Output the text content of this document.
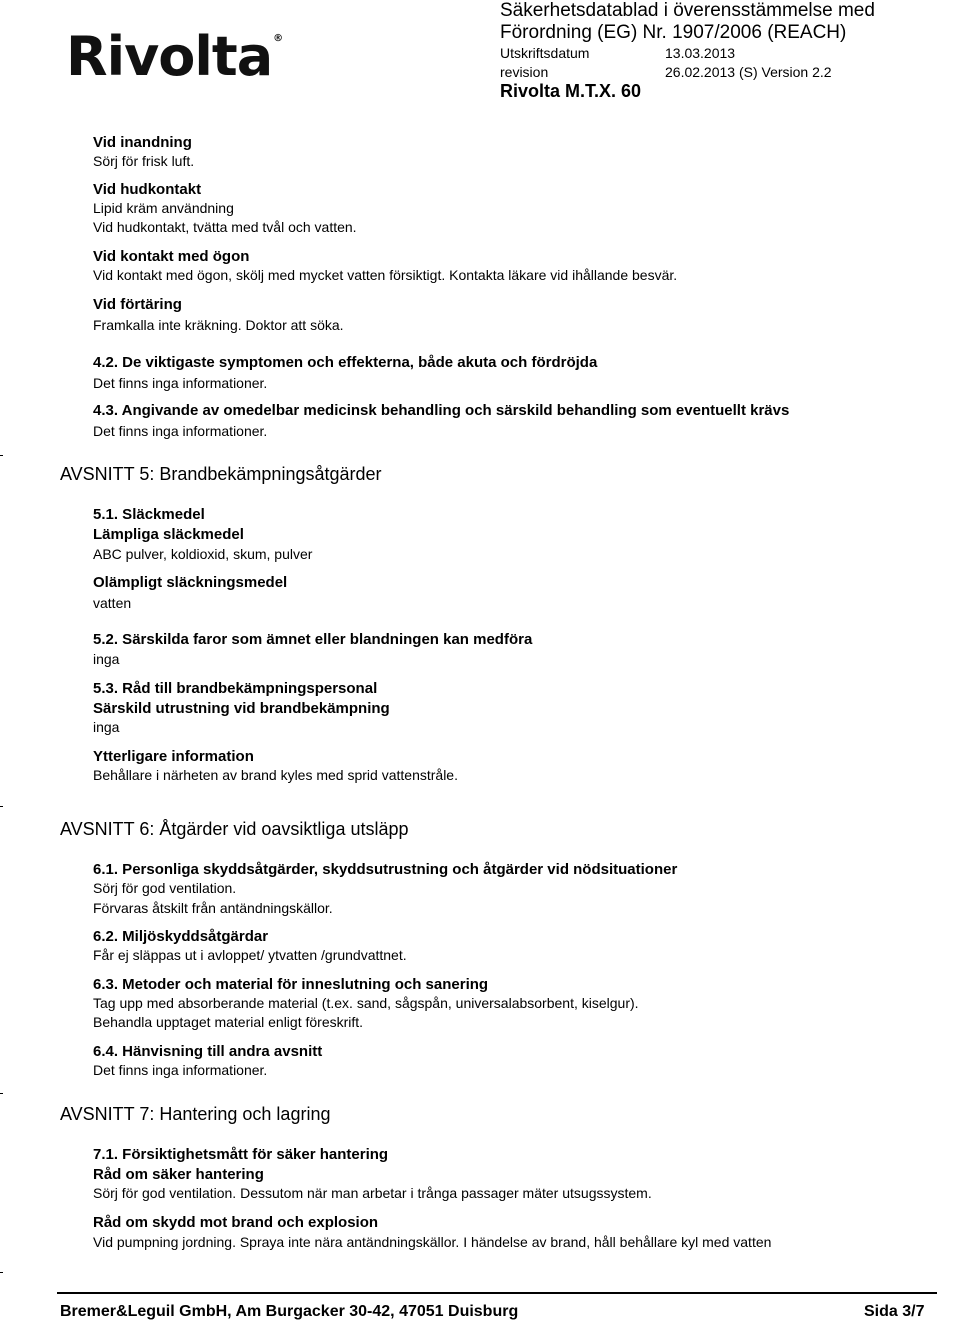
Rivolta®
Säkerhetsdatablad i överensstämmelse med
Förordning (EG) Nr. 1907/2006 (REACH)
Utskriftsdatum	13.03.2013
revision	26.02.2013 (S) Version 2.2
Rivolta M.T.X. 60
Vid inandning
Sörj för frisk luft.
Vid hudkontakt
Lipid kräm användning
Vid hudkontakt, tvätta med tvål och vatten.
Vid kontakt med ögon
Vid kontakt med ögon, skölj med mycket vatten försiktigt. Kontakta läkare vid ihållande besvär.
Vid förtäring
Framkalla inte kräkning. Doktor att söka.
4.2. De viktigaste symptomen och effekterna, både akuta och fördröjda
Det finns inga informationer.
4.3. Angivande av omedelbar medicinsk behandling och särskild behandling som eventuellt krävs
Det finns inga informationer.
AVSNITT 5: Brandbekämpningsåtgärder
5.1. Släckmedel
Lämpliga släckmedel
ABC pulver, koldioxid, skum, pulver
Olämpligt släckningsmedel
vatten
5.2. Särskilda faror som ämnet eller blandningen kan medföra
inga
5.3. Råd till brandbekämpningspersonal
Särskild utrustning vid brandbekämpning
inga
Ytterligare information
Behållare i närheten av brand kyles med sprid vattenstråle.
AVSNITT 6: Åtgärder vid oavsiktliga utsläpp
6.1. Personliga skyddsåtgärder, skyddsutrustning och åtgärder vid nödsituationer
Sörj för god ventilation.
Förvaras åtskilt från antändningskällor.
6.2. Miljöskyddsåtgärdar
Får ej släppas ut i avloppet/ ytvatten /grundvattnet.
6.3. Metoder och material för inneslutning och sanering
Tag upp med absorberande material (t.ex. sand, sågspån, universalabsorbent, kiselgur).
Behandla upptaget material enligt föreskrift.
6.4. Hänvisning till andra avsnitt
Det finns inga informationer.
AVSNITT 7: Hantering och lagring
7.1. Försiktighetsmått för säker hantering
Råd om säker hantering
Sörj för god ventilation. Dessutom när man arbetar i trånga passager mäter utsugssystem.
Råd om skydd mot brand och explosion
Vid pumpning jordning. Spraya inte nära antändningskällor. I händelse av brand, håll behållare kyl med vatten
Bremer&Leguil GmbH, Am Burgacker 30-42, 47051 Duisburg	Sida 3/7
